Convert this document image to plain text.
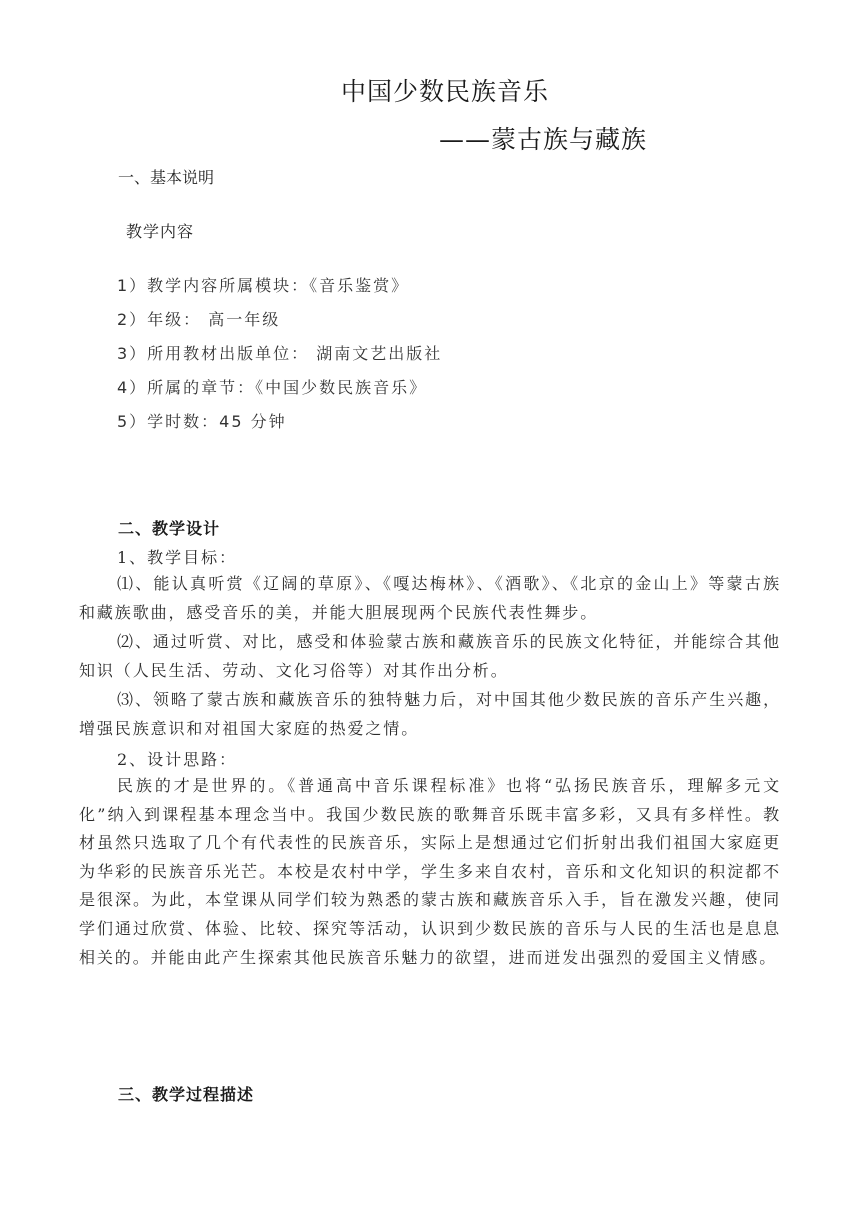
中国少数民族音乐
——蒙古族与藏族
一、基本说明
教学内容
1）教学内容所属模块：《音乐鉴赏》
2）年级： 高一年级
3）所用教材出版单位： 湖南文艺出版社
4）所属的章节：《中国少数民族音乐》
5）学时数：45 分钟
二、教学设计
1、教学目标：
⑴、能认真听赏《辽阔的草原》、《嘎达梅林》、《酒歌》、《北京的金山上》等蒙古族和藏族歌曲，感受音乐的美，并能大胆展现两个民族代表性舞步。
⑵、通过听赏、对比，感受和体验蒙古族和藏族音乐的民族文化特征，并能综合其他知识（人民生活、劳动、文化习俗等）对其作出分析。
⑶、领略了蒙古族和藏族音乐的独特魅力后，对中国其他少数民族的音乐产生兴趣，增强民族意识和对祖国大家庭的热爱之情。
2、设计思路：
民族的才是世界的。《普通高中音乐课程标准》也将“弘扬民族音乐，理解多元文化”纳入到课程基本理念当中。我国少数民族的歌舞音乐既丰富多彩，又具有多样性。教材虽然只选取了几个有代表性的民族音乐，实际上是想通过它们折射出我们祖国大家庭更为华彩的民族音乐光芒。本校是农村中学，学生多来自农村，音乐和文化知识的积淀都不是很深。为此，本堂课从同学们较为熟悉的蒙古族和藏族音乐入手，旨在激发兴趣，使同学们通过欣赏、体验、比较、探究等活动，认识到少数民族的音乐与人民的生活也是息息相关的。并能由此产生探索其他民族音乐魅力的欲望，进而迸发出强烈的爱国主义情感。
三、教学过程描述
